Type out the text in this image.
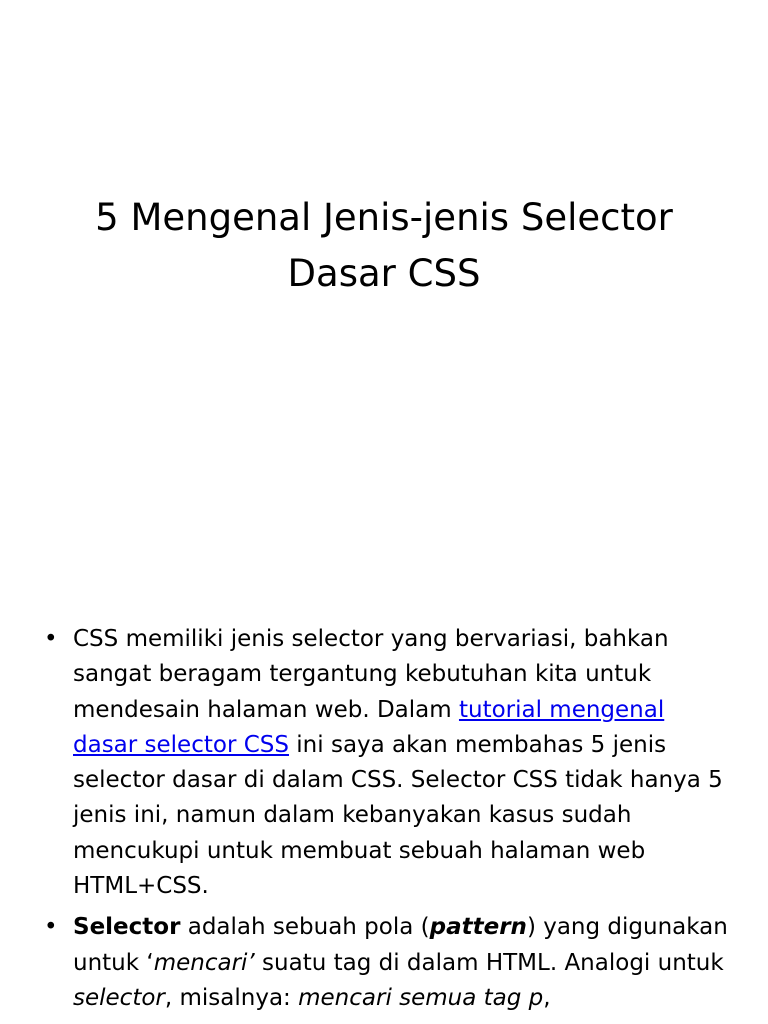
5 Mengenal Jenis-jenis Selector Dasar CSS
• CSS memiliki jenis selector yang bervariasi, bahkan sangat beragam tergantung kebutuhan kita untuk mendesain halaman web. Dalam tutorial mengenal dasar selector CSS ini saya akan membahas 5 jenis selector dasar di dalam CSS. Selector CSS tidak hanya 5 jenis ini, namun dalam kebanyakan kasus sudah mencukupi untuk membuat sebuah halaman web HTML+CSS.
• Selector adalah sebuah pola (pattern) yang digunakan untuk ‘mencari’ suatu tag di dalam HTML. Analogi untuk selector, misalnya: mencari semua tag p,
